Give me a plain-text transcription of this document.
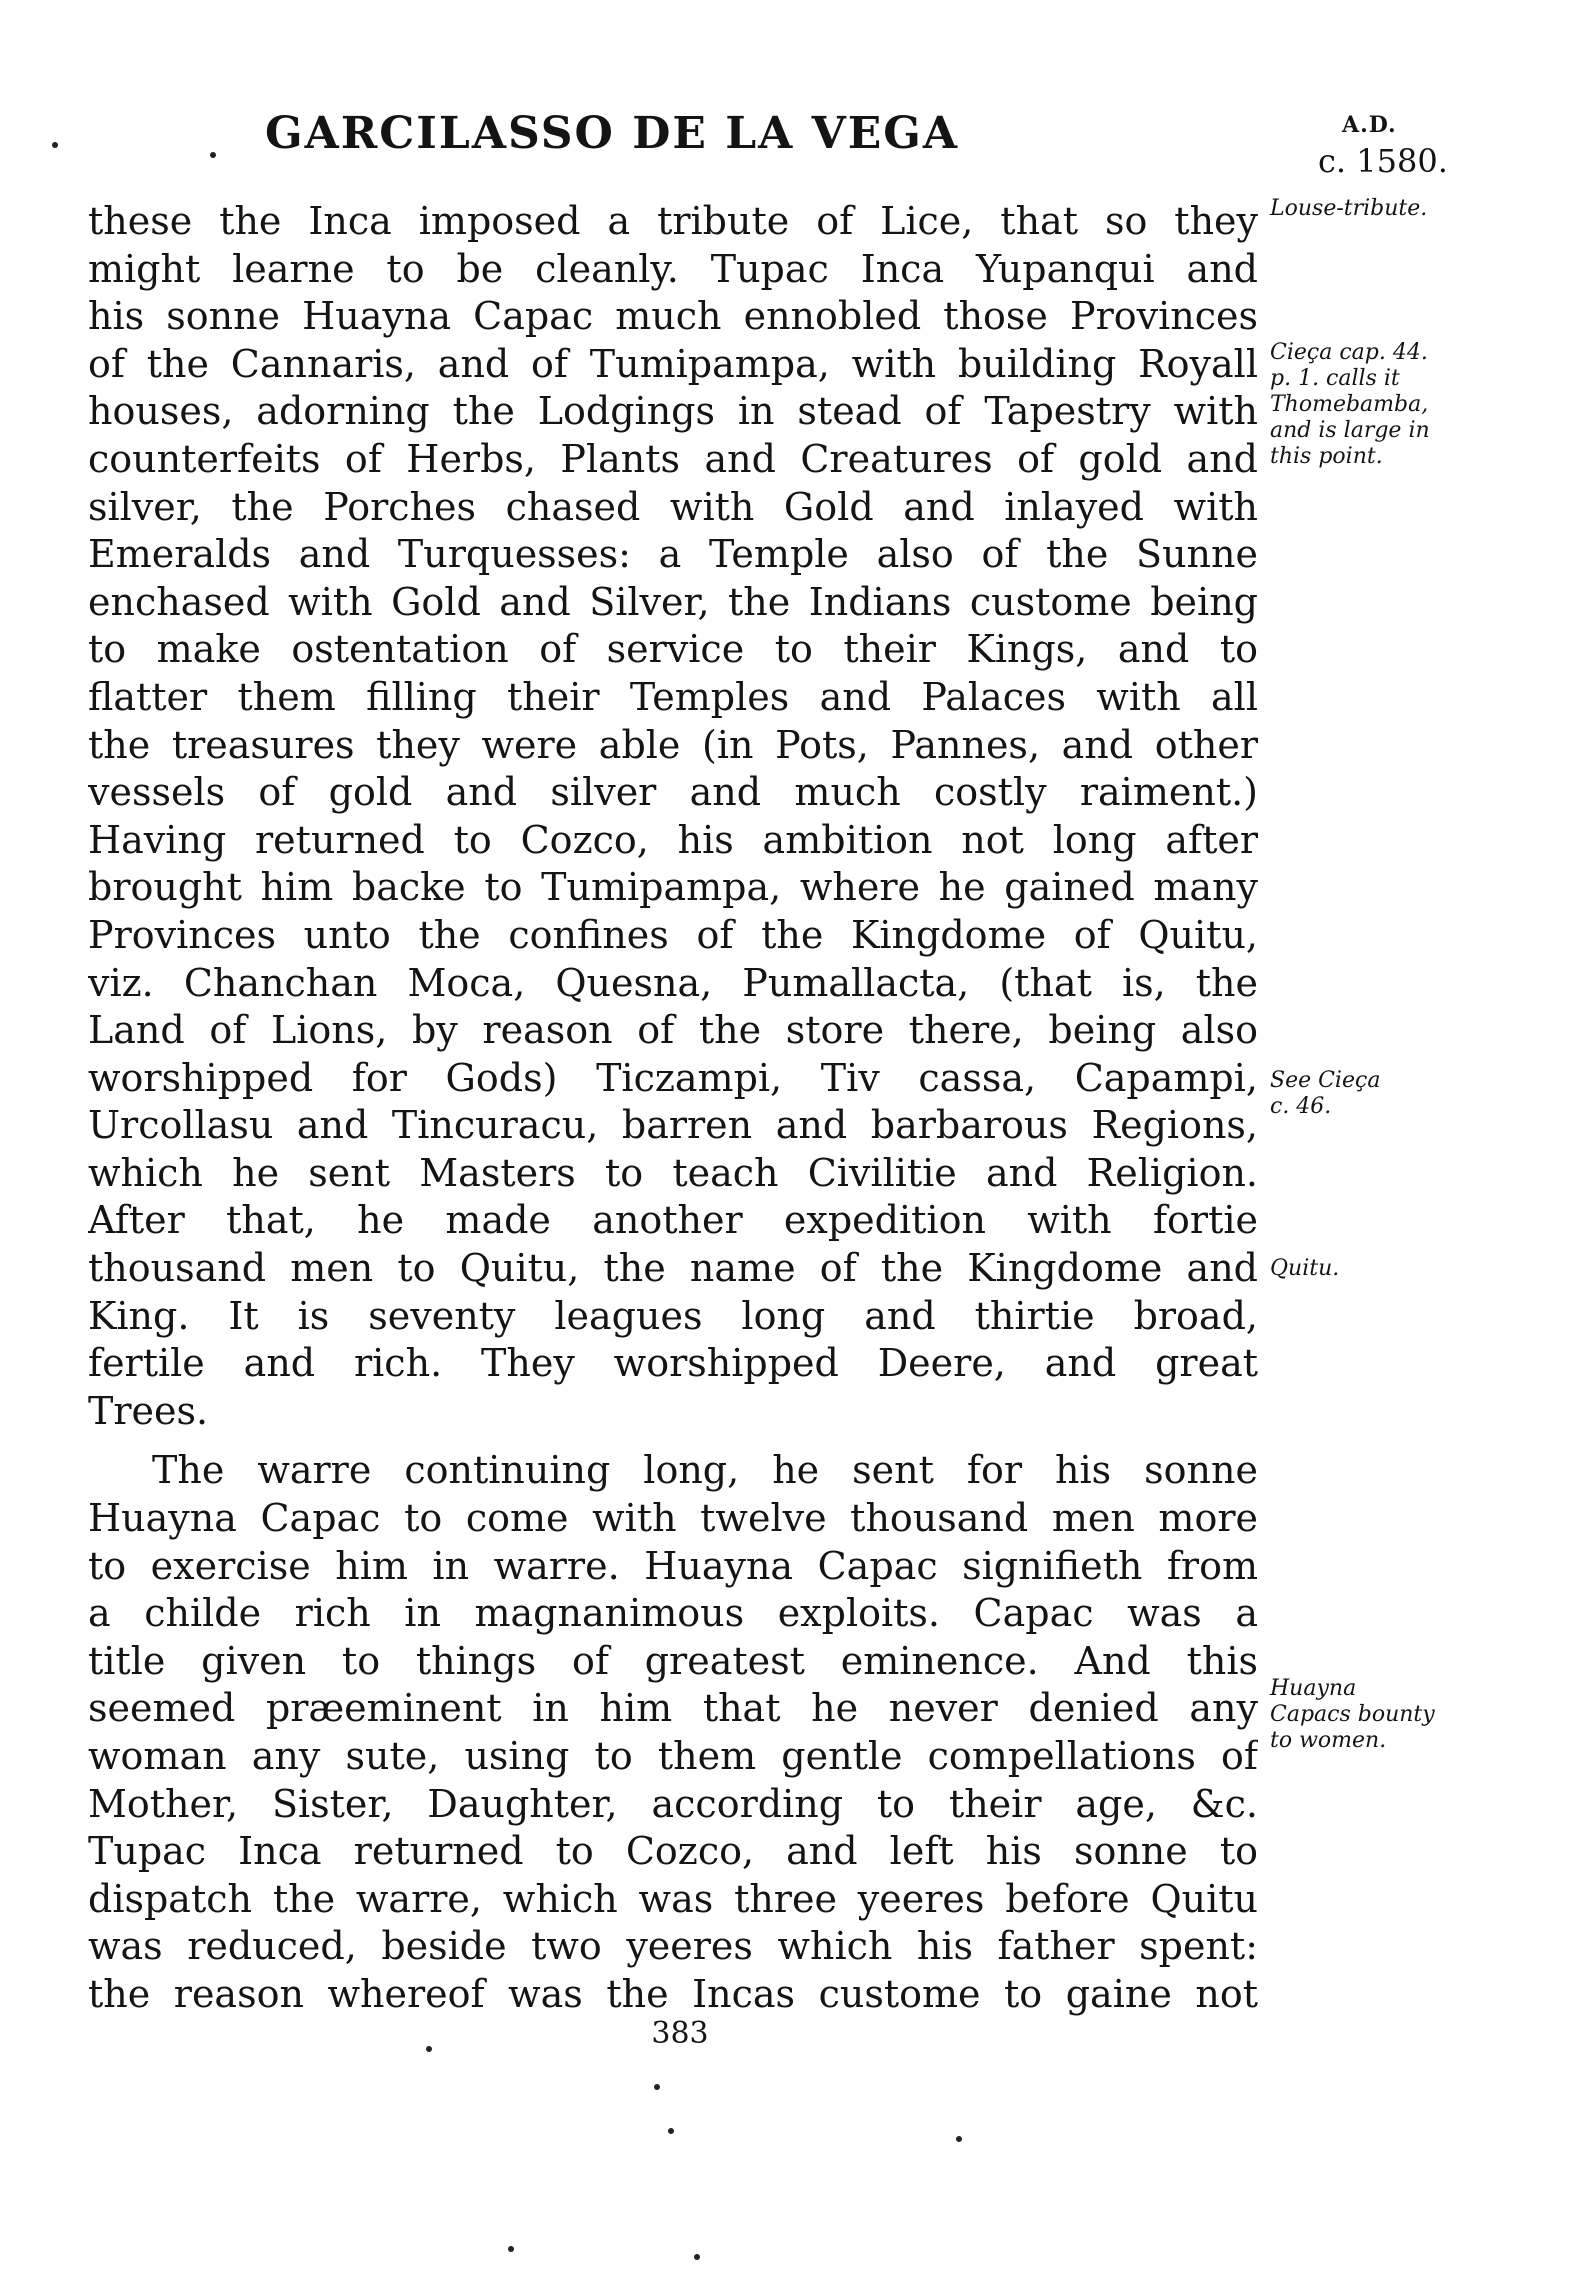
GARCILASSO DE LA VEGA	A.D.
c. 1580.
these the Inca imposed a tribute of Lice, that so they
might learne to be cleanly. Tupac Inca Yupanqui and
his sonne Huayna Capac much ennobled those Provinces
of the Cannaris, and of Tumipampa, with building Royall
houses, adorning the Lodgings in stead of Tapestry with
counterfeits of Herbs, Plants and Creatures of gold and
silver, the Porches chased with Gold and inlayed with
Emeralds and Turquesses: a Temple also of the Sunne
enchased with Gold and Silver, the Indians custome being
to make ostentation of service to their Kings, and to
flatter them filling their Temples and Palaces with all
the treasures they were able (in Pots, Pannes, and other
vessels of gold and silver and much costly raiment.)
Having returned to Cozco, his ambition not long after
brought him backe to Tumipampa, where he gained many
Provinces unto the confines of the Kingdome of Quitu,
viz. Chanchan Moca, Quesna, Pumallacta, (that is, the
Land of Lions, by reason of the store there, being also
worshipped for Gods) Ticzampi, Tiv cassa, Capampi,
Urcollasu and Tincuracu, barren and barbarous Regions,
which he sent Masters to teach Civilitie and Religion.
After that, he made another expedition with fortie
thousand men to Quitu, the name of the Kingdome and
King. It is seventy leagues long and thirtie broad,
fertile and rich. They worshipped Deere, and great
Trees.
The warre continuing long, he sent for his sonne
Huayna Capac to come with twelve thousand men more
to exercise him in warre. Huayna Capac signifieth from
a childe rich in magnanimous exploits. Capac was a
title given to things of greatest eminence. And this
seemed præeminent in him that he never denied any
woman any sute, using to them gentle compellations of
Mother, Sister, Daughter, according to their age, &c.
Tupac Inca returned to Cozco, and left his sonne to
dispatch the warre, which was three yeeres before Quitu
was reduced, beside two yeeres which his father spent:
the reason whereof was the Incas custome to gaine not
Louse-tribute.
Cieça cap. 44.
p. 1. calls it
Thomebamba,
and is large in
this point.
See Cieça
c. 46.
Quitu.
Huayna
Capacs bounty
to women.
383
